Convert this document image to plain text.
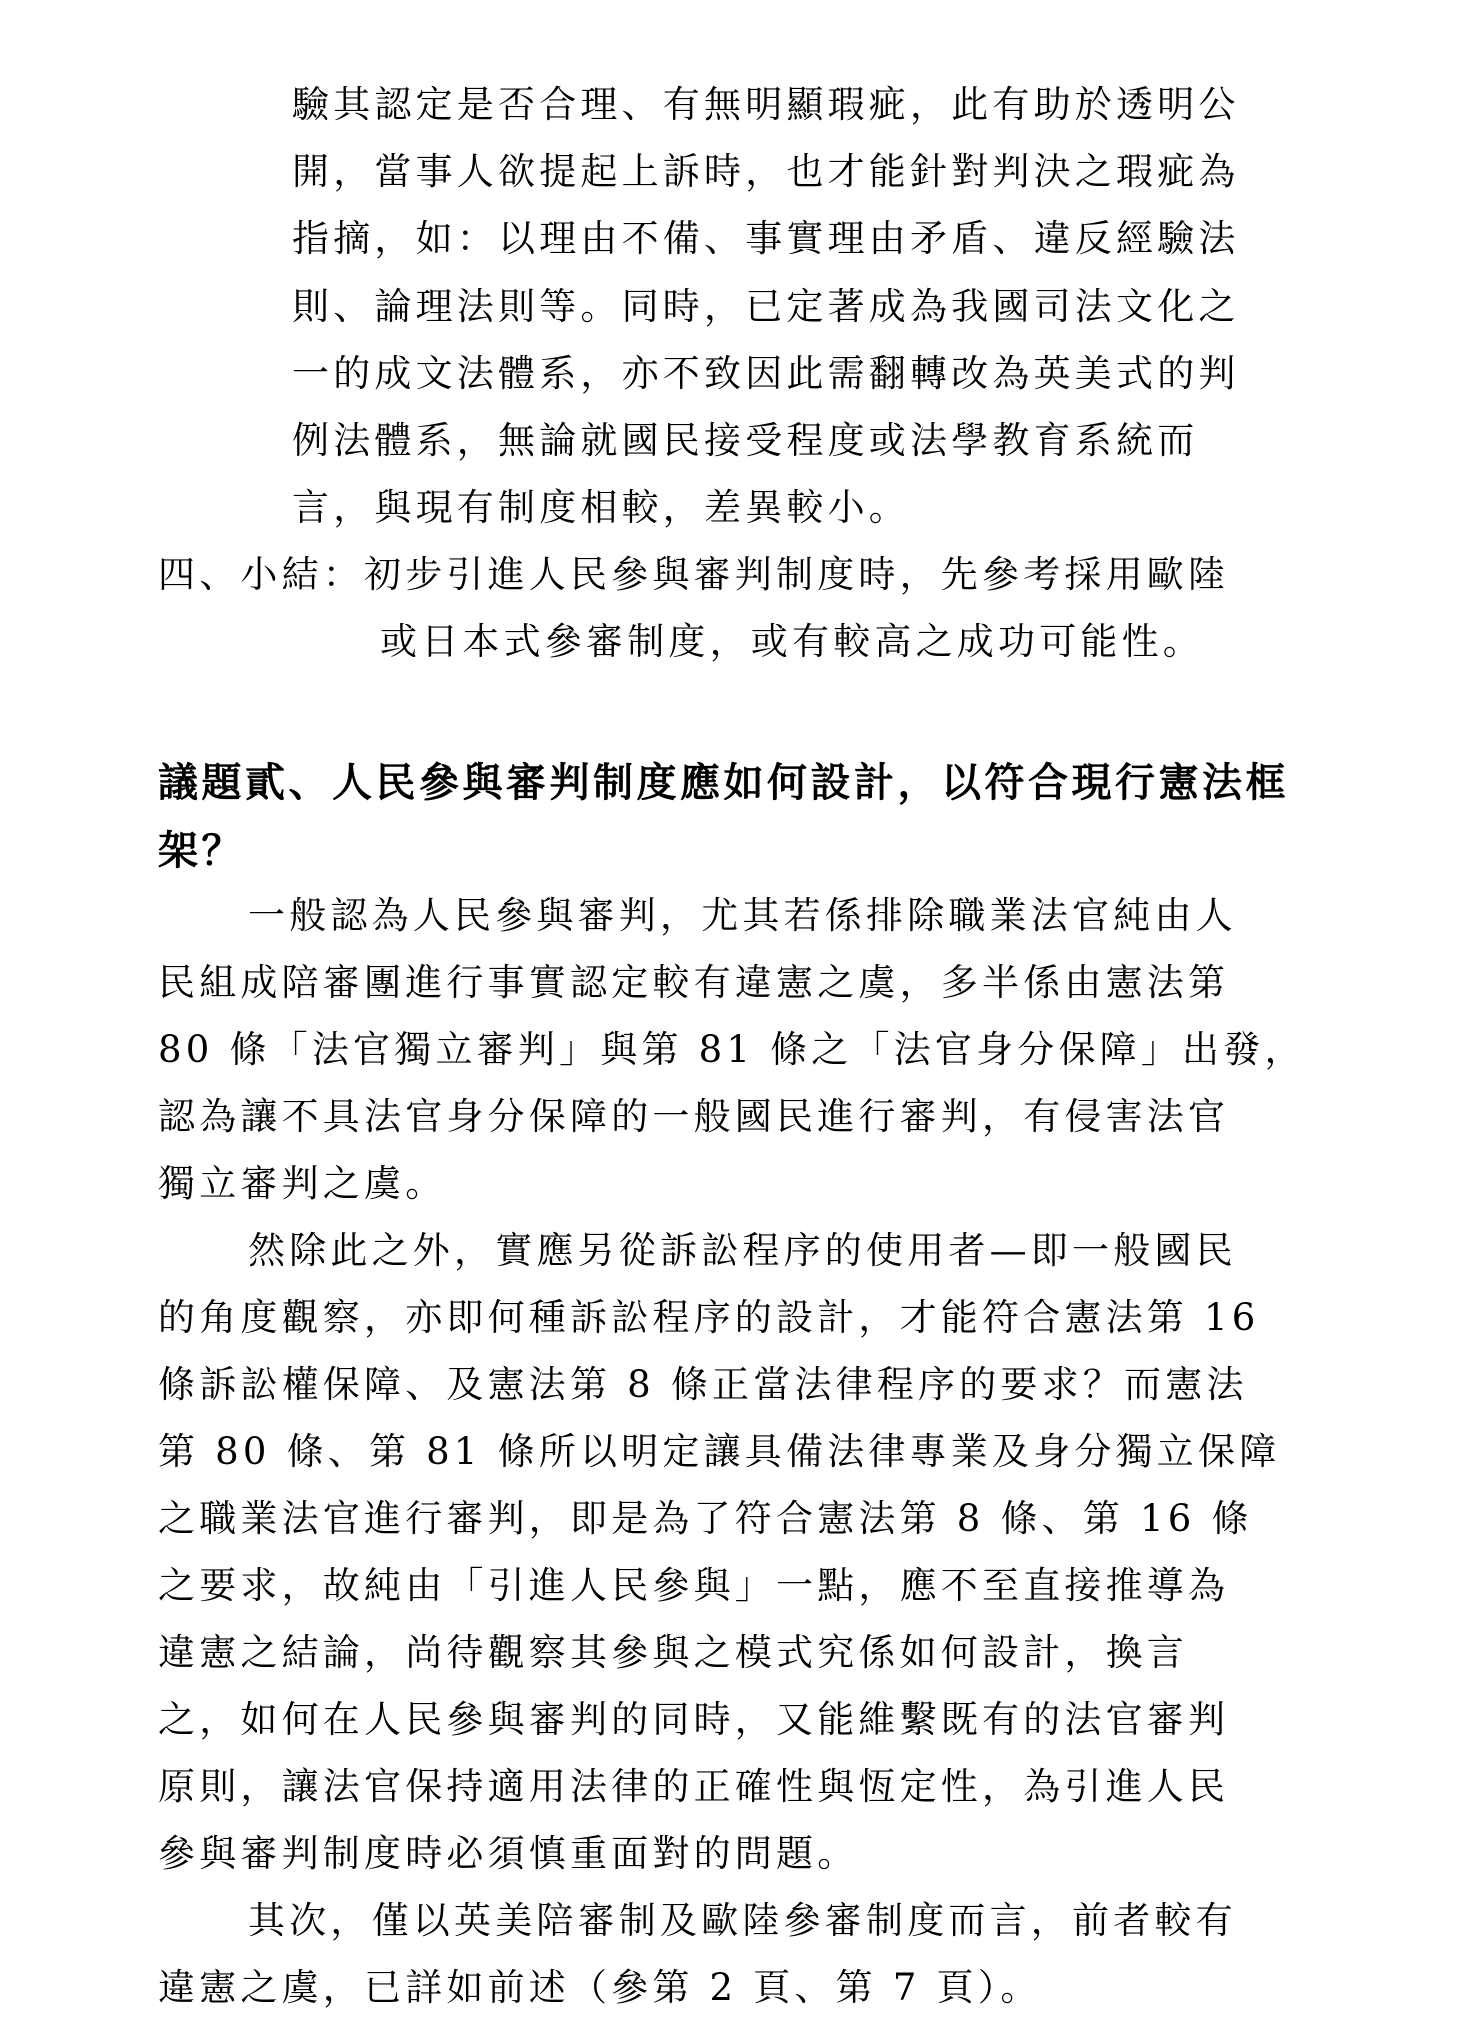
驗其認定是否合理、有無明顯瑕疵，此有助於透明公

開，當事人欲提起上訴時，也才能針對判決之瑕疵為

指摘，如：以理由不備、事實理由矛盾、違反經驗法

則、論理法則等。同時，已定著成為我國司法文化之

一的成文法體系，亦不致因此需翻轉改為英美式的判

例法體系，無論就國民接受程度或法學教育系統而

言，與現有制度相較，差異較小。

四、小結：初步引進人民參與審判制度時，先參考採用歐陸

或日本式參審制度，或有較高之成功可能性。

議題貳、人民參與審判制度應如何設計，以符合現行憲法框

架？

一般認為人民參與審判，尤其若係排除職業法官純由人

民組成陪審團進行事實認定較有違憲之虞，多半係由憲法第

80 條「法官獨立審判」與第 81 條之「法官身分保障」出發，

認為讓不具法官身分保障的一般國民進行審判，有侵害法官

獨立審判之虞。

然除此之外，實應另從訴訟程序的使用者—即一般國民

的角度觀察，亦即何種訴訟程序的設計，才能符合憲法第 16

條訴訟權保障、及憲法第 8 條正當法律程序的要求？而憲法

第 80 條、第 81 條所以明定讓具備法律專業及身分獨立保障

之職業法官進行審判，即是為了符合憲法第 8 條、第 16 條

之要求，故純由「引進人民參與」一點，應不至直接推導為

違憲之結論，尚待觀察其參與之模式究係如何設計，換言

之，如何在人民參與審判的同時，又能維繫既有的法官審判

原則，讓法官保持適用法律的正確性與恆定性，為引進人民

參與審判制度時必須慎重面對的問題。

其次，僅以英美陪審制及歐陸參審制度而言，前者較有

違憲之虞，已詳如前述（參第 2 頁、第 7 頁）。
